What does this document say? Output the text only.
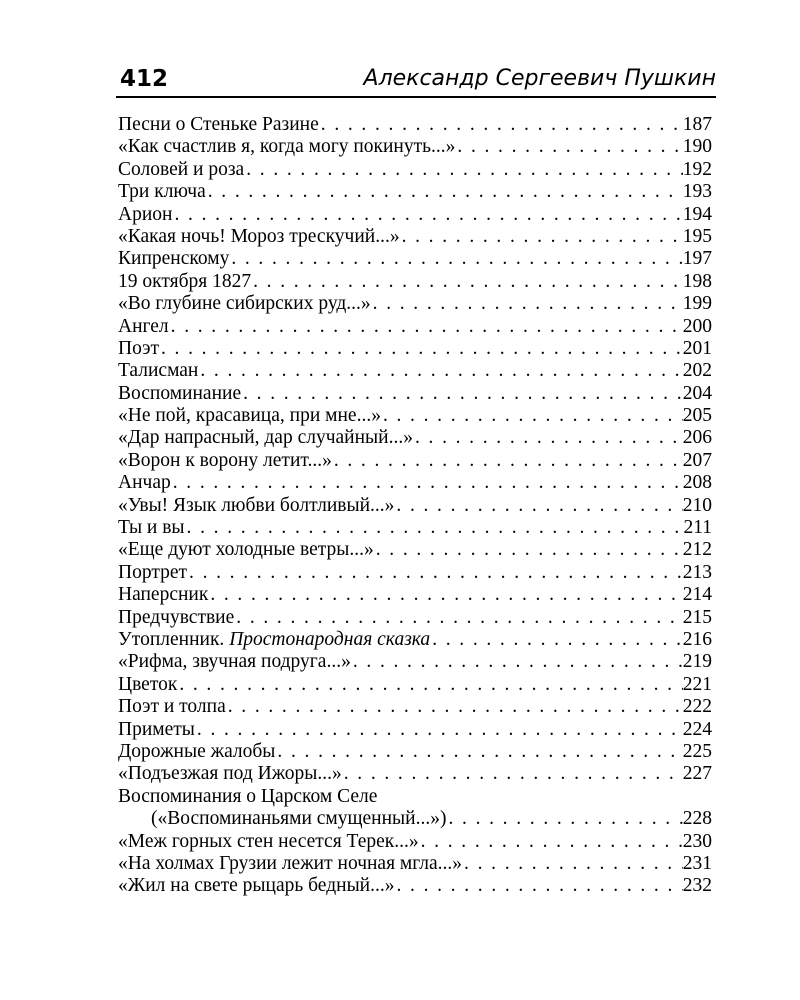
412	Александр Сергеевич Пушкин
Песни о Стеньке Разине . . .	187
«Как счастлив я, когда могу покинуть...» . . .	190
Соловей и роза . . .	192
Три ключа . . .	193
Арион . . .	194
«Какая ночь! Мороз трескучий...» . . .	195
Кипренскому . . .	197
19 октября 1827 . . .	198
«Во глубине сибирских руд...» . . .	199
Ангел . . .	200
Поэт . . .	201
Талисман . . .	202
Воспоминание . . .	204
«Не пой, красавица, при мне...» . . .	205
«Дар напрасный, дар случайный...» . . .	206
«Ворон к ворону летит...» . . .	207
Анчар . . .	208
«Увы! Язык любви болтливый...» . . .	210
Ты и вы . . .	211
«Еще дуют холодные ветры...» . . .	212
Портрет . . .	213
Наперсник . . .	214
Предчувствие . . .	215
Утопленник. Простонародная сказка . . .	216
«Рифма, звучная подруга...» . . .	219
Цветок . . .	221
Поэт и толпа . . .	222
Приметы . . .	224
Дорожные жалобы . . .	225
«Подъезжая под Ижоры...» . . .	227
Воспоминания о Царском Селе
(«Воспоминаньями смущенный...») . . .	228
«Меж горных стен несется Терек...» . . .	230
«На холмах Грузии лежит ночная мгла...» . . .	231
«Жил на свете рыцарь бедный...» . . .	232
